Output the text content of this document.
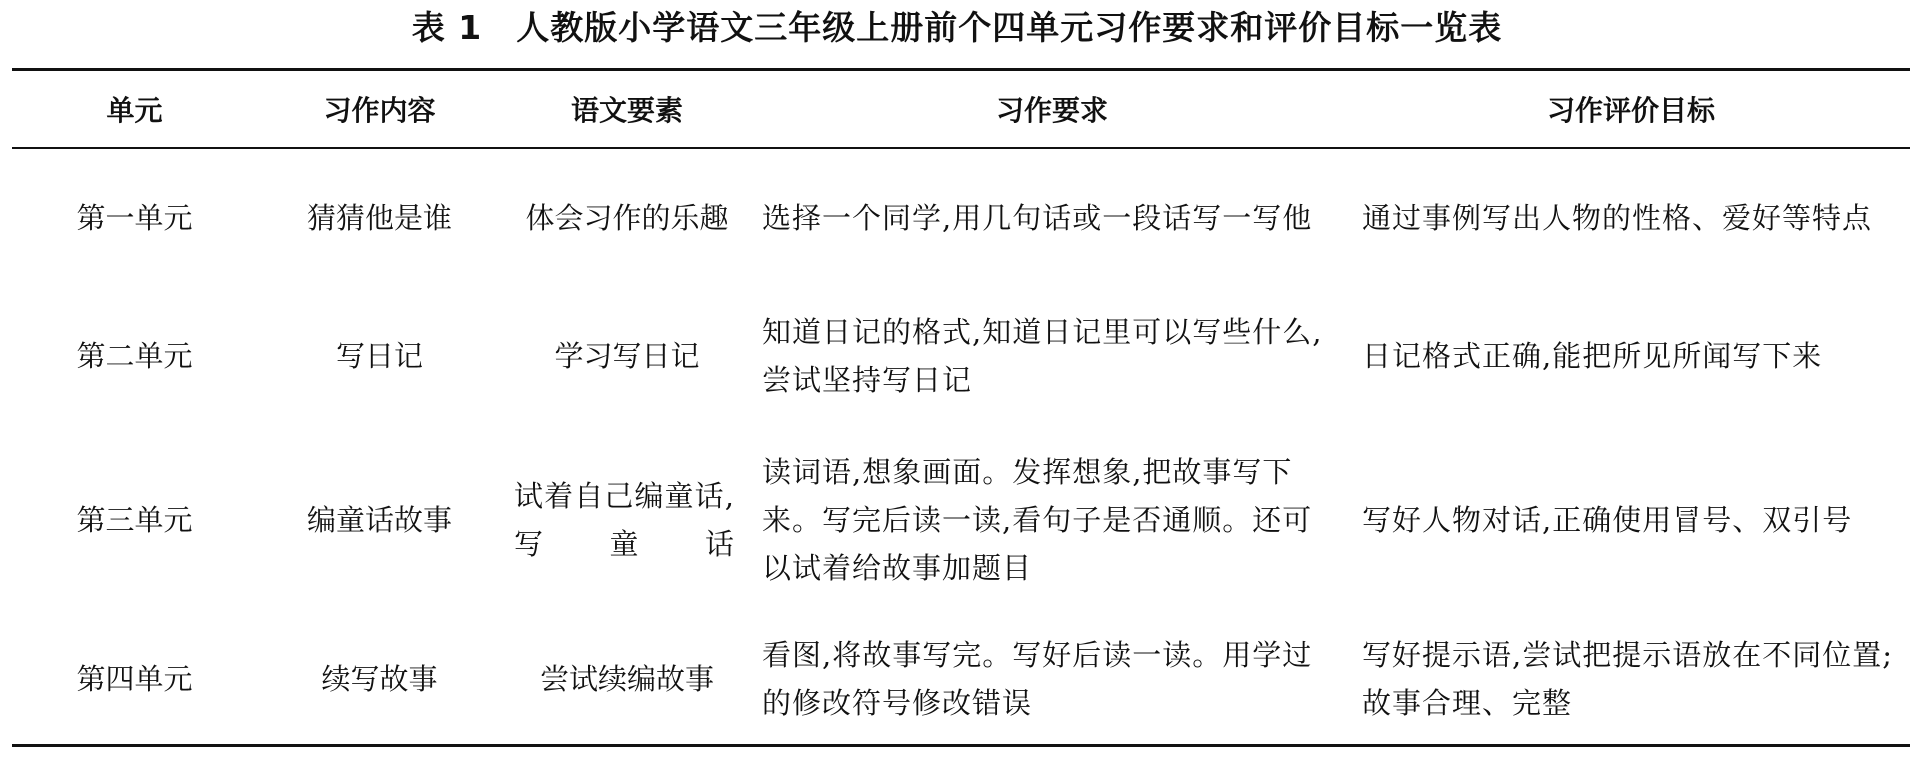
表 1 人教版小学语文三年级上册前个四单元习作要求和评价目标一览表
单元	习作内容	语文要素	习作要求	习作评价目标
第一单元	猜猜他是谁	体会习作的乐趣	选择一个同学,用几句话或一段话写一写他	通过事例写出人物的性格、爱好等特点
第二单元	写日记	学习写日记	知道日记的格式,知道日记里可以写些什么,尝试坚持写日记	日记格式正确,能把所见所闻写下来
第三单元	编童话故事	试着自己编童话,写童话	读词语,想象画面。发挥想象,把故事写下来。写完后读一读,看句子是否通顺。还可以试着给故事加题目	写好人物对话,正确使用冒号、双引号
第四单元	续写故事	尝试续编故事	看图,将故事写完。写好后读一读。用学过的修改符号修改错误	写好提示语,尝试把提示语放在不同位置;故事合理、完整
